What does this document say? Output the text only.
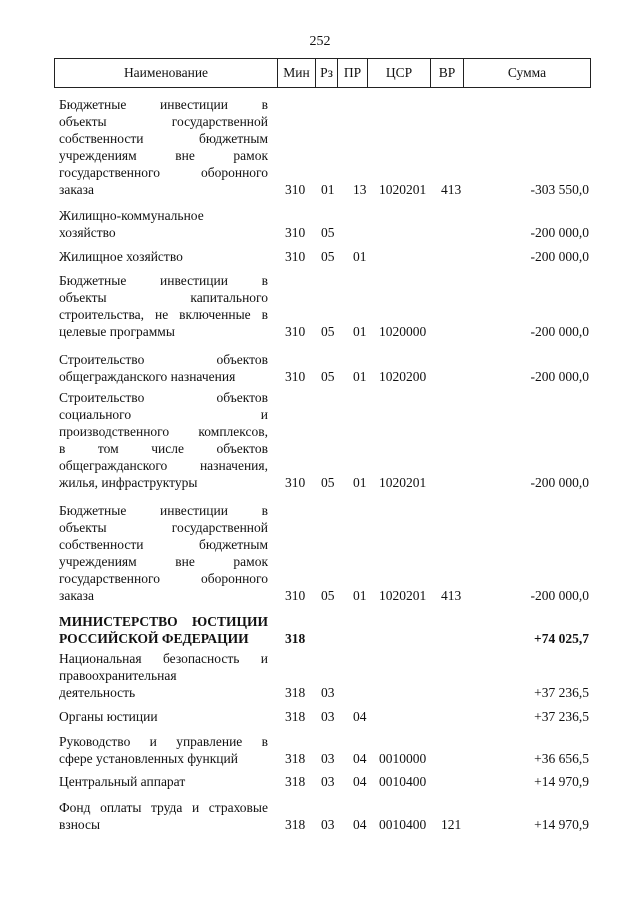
252
Наименование	Мин Рз ПР	ЦСР	ВР	Сумма
Бюджетные инвестиции в
объекты государственной
собственности бюджетным
учреждениям вне рамок
государственного оборонного
заказа	310 01 13 1020201 413	-303 550,0
Жилищно-коммунальное
хозяйство	310 05	-200 000,0
Жилищное хозяйство	310 05 01	-200 000,0
Бюджетные инвестиции в
объекты капитального
строительства, не включенные в
целевые программы	310 05 01 1020000	-200 000,0
Строительство объектов
общегражданского назначения	310 05 01 1020200	-200 000,0
Строительство объектов
социального и
производственного комплексов,
в том числе объектов
общегражданского назначения,
жилья, инфраструктуры	310 05 01 1020201	-200 000,0
Бюджетные инвестиции в
объекты государственной
собственности бюджетным
учреждениям вне рамок
государственного оборонного
заказа	310 05 01 1020201 413	-200 000,0
МИНИСТЕРСТВО ЮСТИЦИИ
РОССИЙСКОЙ ФЕДЕРАЦИИ	318	+74 025,7
Национальная безопасность и
правоохранительная
деятельность	318 03	+37 236,5
Органы юстиции	318 03 04	+37 236,5
Руководство и управление в
сфере установленных функций	318 03 04 0010000	+36 656,5
Центральный аппарат	318 03 04 0010400	+14 970,9
Фонд оплаты труда и страховые
взносы	318 03 04 0010400 121	+14 970,9
